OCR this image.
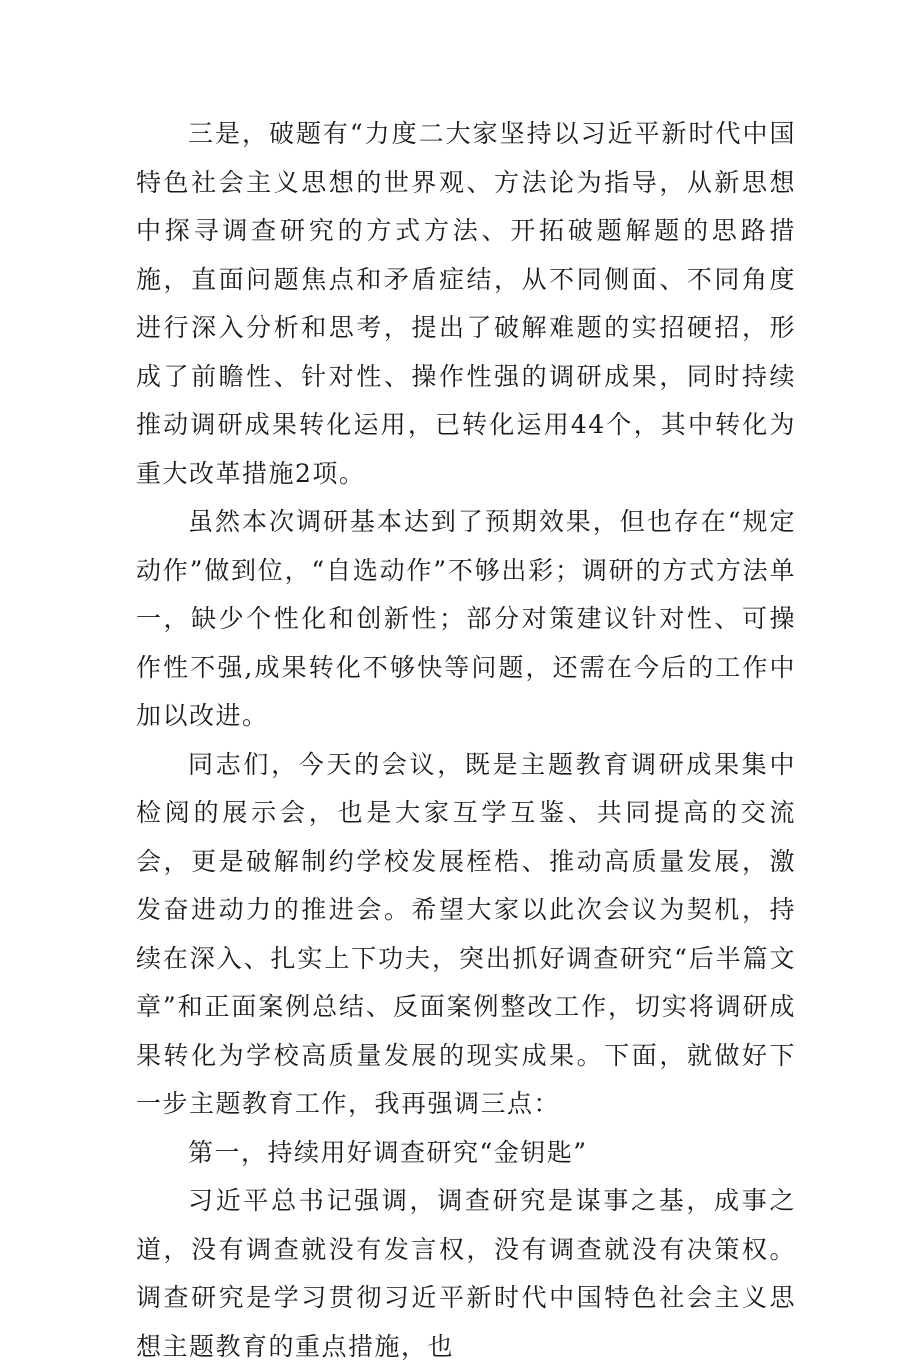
三是，破题有“力度二大家坚持以习近平新时代中国特色社会主义思想的世界观、方法论为指导，从新思想中探寻调查研究的方式方法、开拓破题解题的思路措施，直面问题焦点和矛盾症结，从不同侧面、不同角度进行深入分析和思考，提出了破解难题的实招硬招，形成了前瞻性、针对性、操作性强的调研成果，同时持续推动调研成果转化运用，已转化运用44个，其中转化为重大改革措施2项。

虽然本次调研基本达到了预期效果，但也存在“规定动作”做到位，“自选动作”不够出彩；调研的方式方法单一，缺少个性化和创新性；部分对策建议针对性、可操作性不强,成果转化不够快等问题，还需在今后的工作中加以改进。

同志们，今天的会议，既是主题教育调研成果集中检阅的展示会，也是大家互学互鉴、共同提高的交流会，更是破解制约学校发展桎梏、推动高质量发展，激发奋进动力的推进会。希望大家以此次会议为契机，持续在深入、扎实上下功夫，突出抓好调查研究“后半篇文章”和正面案例总结、反面案例整改工作，切实将调研成果转化为学校高质量发展的现实成果。下面，就做好下一步主题教育工作，我再强调三点：

第一，持续用好调查研究“金钥匙”

习近平总书记强调，调查研究是谋事之基，成事之道，没有调查就没有发言权，没有调查就没有决策权。调查研究是学习贯彻习近平新时代中国特色社会主义思想主题教育的重点措施，也
